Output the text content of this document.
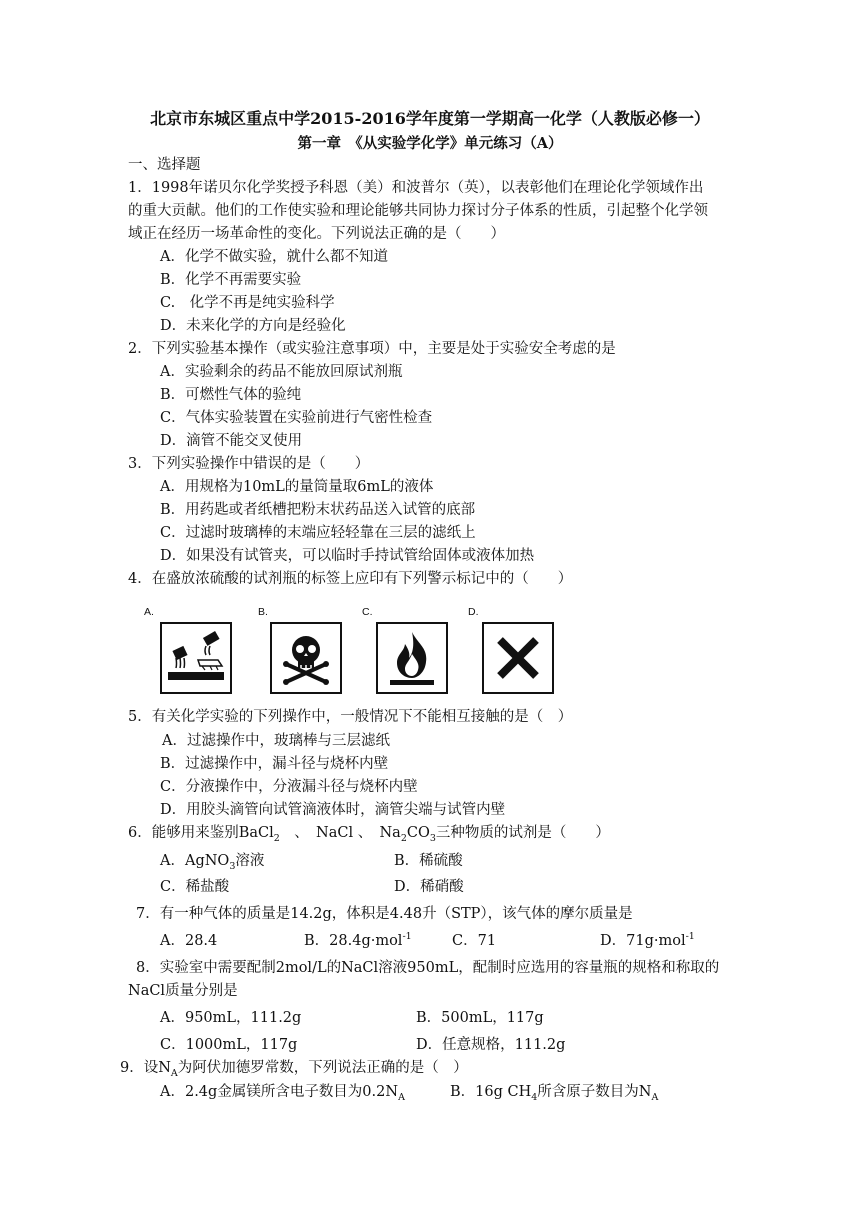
北京市东城区重点中学2015-2016学年度第一学期高一化学（人教版必修一）
第一章　《从实验学化学》单元练习（A）
一、选择题
1．1998年诺贝尔化学奖授予科恩（美）和波普尔（英），以表彰他们在理论化学领域作出
的重大贡献。他们的工作使实验和理论能够共同协力探讨分子体系的性质，引起整个化学领
域正在经历一场革命性的变化。下列说法正确的是（　　）
A．化学不做实验，就什么都不知道
B．化学不再需要实验
C.　化学不再是纯实验科学
D．未来化学的方向是经验化
2．下列实验基本操作（或实验注意事项）中，主要是处于实验安全考虑的是
A．实验剩余的药品不能放回原试剂瓶
B．可燃性气体的验纯
C．气体实验装置在实验前进行气密性检查
D．滴管不能交叉使用
3．下列实验操作中错误的是（　　）
A．用规格为10mL的量筒量取6mL的液体
B．用药匙或者纸槽把粉末状药品送入试管的底部
C．过滤时玻璃棒的末端应轻轻靠在三层的滤纸上
D．如果没有试管夹，可以临时手持试管给固体或液体加热
4．在盛放浓硫酸的试剂瓶的标签上应印有下列警示标记中的（　　）
A.	B.	C.	D.
5．有关化学实验的下列操作中，一般情况下不能相互接触的是（　）
A．过滤操作中，玻璃棒与三层滤纸
B．过滤操作中，漏斗径与烧杯内壁
C．分液操作中，分液漏斗径与烧杯内壁
D．用胶头滴管向试管滴液体时，滴管尖端与试管内壁
6．能够用来鉴别BaCl$_2$　、　NaCl 、　$Na_2CO_3$三种物质的试剂是（　　）
A．AgNO$_3$溶液	B．稀硫酸
C．稀盐酸	D．稀硝酸
7．有一种气体的质量是14.2g，体积是4.48升（STP），该气体的摩尔质量是
A．28.4	B．28.4g·mol$^{-1}$	C．71	D．71g·mol$^{-1}$
8．实验室中需要配制2mol/L的NaCl溶液950mL，配制时应选用的容量瓶的规格和称取的
NaCl质量分别是
A．950mL，111.2g	B．500mL，117g
C．1000mL，117g	D．任意规格，111.2g
9．设$N_A$为阿伏加德罗常数，下列说法正确的是（　）
A．2.4g金属镁所含电子数目为$0.2N_A$	B．16g $CH_4$所含原子数目为$N_A$
